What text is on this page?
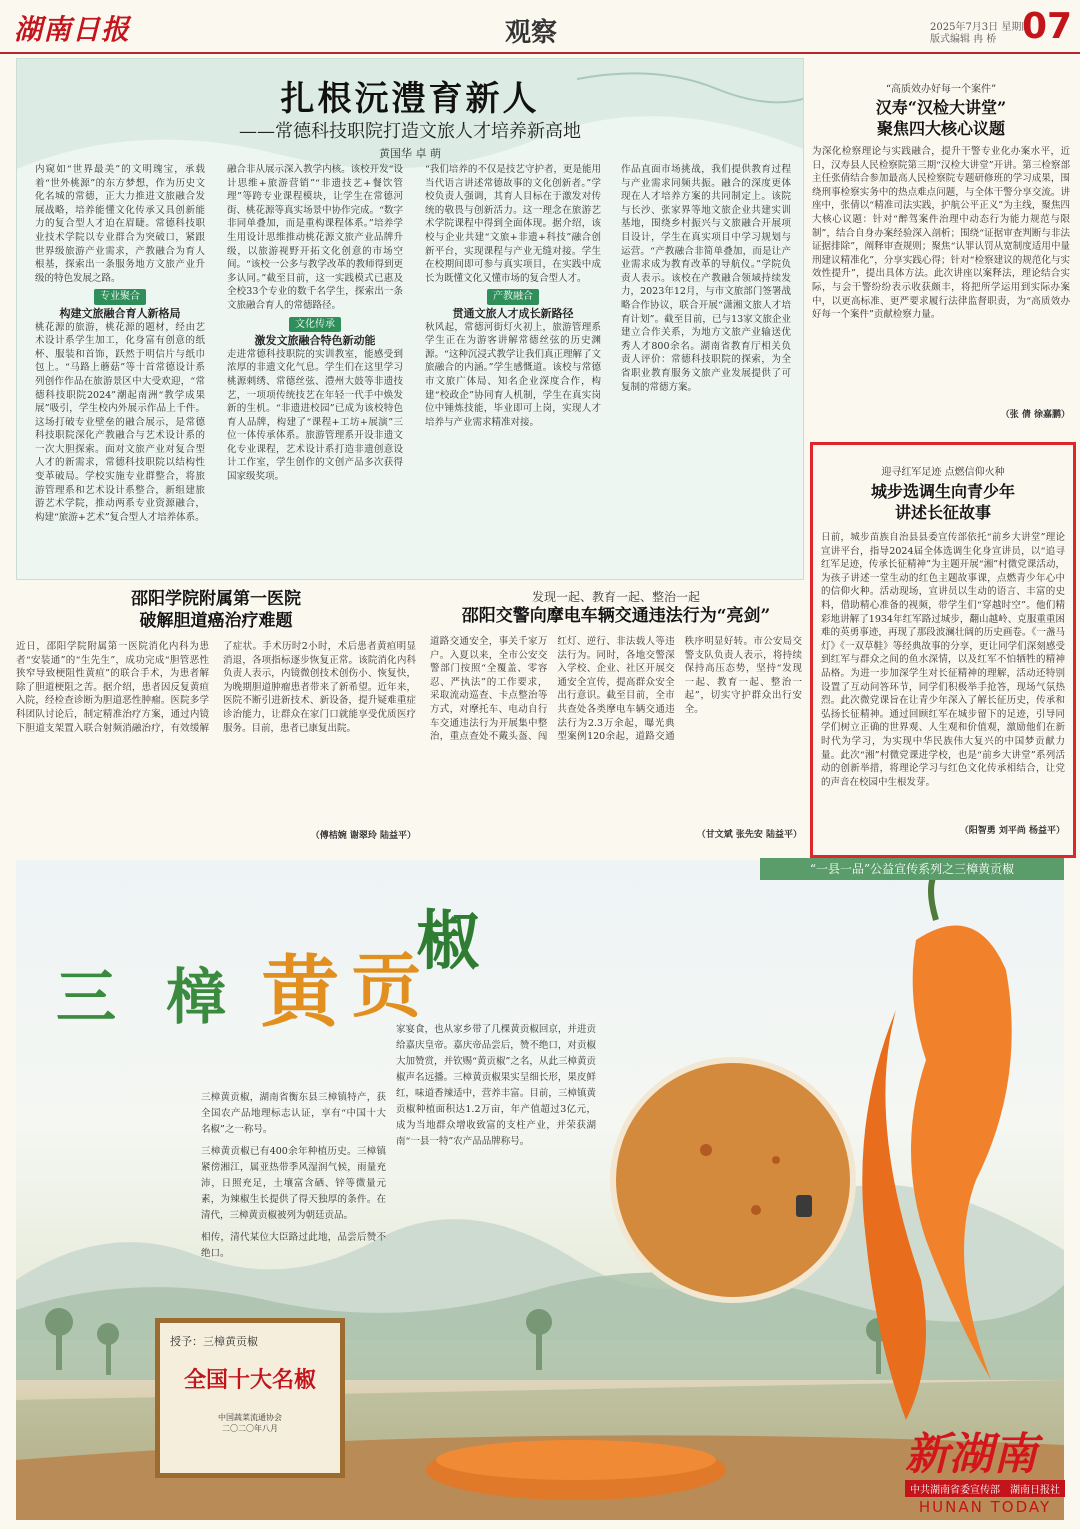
湖南日报	观察	2025年7月3日 星期四
版式编辑 冉 桥 07
扎根沅澧育新人
——常德科技职院打造文旅人才培养新高地
黄国华 卓 萌
内窥如“世界最美”的文明瑰宝，承载着“世外桃源”的东方梦想，作为历史文化名城的常德，正大力推进文旅融合发展战略，培养能懂文化传承又具创新能力的复合型人才迫在眉睫。常德科技职业技术学院以专业群合为突破口，紧跟世界级旅游产业需求，产教融合为育人根基，探索出一条服务地方文旅产业升级的特色发展之路。
专业聚合
构建文旅融合育人新格局
桃花源的旅游，桃花源的题材，经由艺术设计系学生加工，化身富有创意的纸杯、服装和首饰，跃然于明信片与纸巾包上。“马路上蘑菇”等十首常德设计系列创作作品在旅游景区中大受欢迎，“常德科技职院2024”潮起南洲“教学成果展”吸引，学生校内外展示作品上千件。这场打破专业壁垒的融合展示，是常德科技职院深化产教融合与艺术设计系的一次大胆探索。面对文旅产业对复合型人才的新需求，常德科技职院以结构性变革破局。学校实施专业群整合，将旅游管理系和艺术设计系整合，新组建旅游艺术学院，推动两系专业资源融合，构建“旅游+艺术”复合型人才培养体系。
融合非从展示深入教学内核。该校开发“设计思维+旅游营销”“非遗技艺+餐饮管理”等跨专业课程模块，让学生在常德河街、桃花源等真实场景中协作完成。“数字非同单叠加，而是重构课程体系。”培养学生用设计思维推动桃花源文旅产业品牌升级，以旅游视野开拓文化创意的市场空间。“该校一公多与教学改革的教师得到更多认同。”截至目前，这一实践模式已惠及全校33个专业的数千名学生，探索出一条文旅融合育人的常德路径。
文化传承
激发文旅融合特色新动能
走进常德科技职院的实训教室，能感受到浓厚的非遗文化气息。学生们在这里学习桃源刺绣、常德丝弦、澧州大鼓等非遗技艺，一项项传统技艺在年轻一代手中焕发新的生机。“非遗进校园”已成为该校特色育人品牌，构建了“课程+工坊+展演”三位一体传承体系。旅游管理系开设非遗文化专业课程，艺术设计系打造非遗创意设计工作室，学生创作的文创产品多次获得国家级奖项。
“我们培养的不仅是技艺守护者，更是能用当代语言讲述常德故事的文化创新者。”学校负责人强调，其育人目标在于激发对传统的敬畏与创新活力。这一理念在旅游艺术学院课程中得到全面体现。据介绍，该校与企业共建“文旅+非遗+科技”融合创新平台，实现课程与产业无缝对接。学生在校期间即可参与真实项目，在实践中成长为既懂文化又懂市场的复合型人才。
产教融合
贯通文旅人才成长新路径
秋风起，常德河街灯火初上，旅游管理系学生正在为游客讲解常德丝弦的历史渊源。“这种沉浸式教学让我们真正理解了文旅融合的内涵。”学生感慨道。该校与常德市文旅广体局、知名企业深度合作，构建“校政企”协同育人机制，学生在真实岗位中锤炼技能，毕业即可上岗，实现人才培养与产业需求精准对接。
作品直面市场挑战，我们提供教育过程与产业需求同频共振。融合的深度更体现在人才培养方案的共同制定上。该院与长沙、张家界等地文旅企业共建实训基地，围绕乡村振兴与文旅融合开展项目设计，学生在真实项目中学习规划与运营。“产教融合非简单叠加，而是让产业需求成为教育改革的导航仪。”学院负责人表示。该校在产教融合领域持续发力，2023年12月，与市文旅部门签署战略合作协议，联合开展“潇湘文旅人才培育计划”。截至目前，已与13家文旅企业建立合作关系，为地方文旅产业输送优秀人才800余名。湖南省教育厅相关负责人评价：常德科技职院的探索，为全省职业教育服务文旅产业发展提供了可复制的常德方案。
“高质效办好每一个案件”
汉寿“汉检大讲堂”
聚焦四大核心议题
为深化检察理论与实践融合，提升干警专业化办案水平，近日，汉寿县人民检察院第三期“汉检大讲堂”开讲。第三检察部主任张倩结合参加最高人民检察院专题研修班的学习成果，围绕刑事检察实务中的热点难点问题，与全体干警分享交流。讲座中，张倩以“精准司法实践，护航公平正义”为主线，聚焦四大核心议题：针对“醉驾案件治理中动态行为能力规范与限制”，结合自身办案经验深入剖析；围绕“证据审查判断与非法证据排除”，阐释审查规则；聚焦“认罪认罚从宽制度适用中量刑建议精准化”，分享实践心得；针对“检察建议的规范化与实效性提升”，提出具体方法。此次讲座以案释法，理论结合实际，与会干警纷纷表示收获颇丰，将把所学运用到实际办案中，以更高标准、更严要求履行法律监督职责，为“高质效办好每一个案件”贡献检察力量。
（张 倩 徐嘉鹏）
迎寻红军足迹 点燃信仰火种
城步选调生向青少年
讲述长征故事
日前，城步苗族自治县县委宣传部依托“前乡大讲堂”理论宣讲平台，指导2024届全体选调生化身宣讲员，以“追寻红军足迹，传承长征精神”为主题开展“湘”村微党课活动，为孩子讲述一堂生动的红色主题故事课，点燃青少年心中的信仰火种。活动现场，宣讲员以生动的语言、丰富的史料，借助精心准备的视频，带学生们“穿越时空”。他们精彩地讲解了1934年红军路过城步，翻山越岭、克服重重困难的英勇事迹，再现了那段波澜壮阔的历史画卷。《一盏马灯》《一双草鞋》等经典故事的分享，更让同学们深刻感受到红军与群众之间的鱼水深情，以及红军不怕牺牲的精神品格。为进一步加深学生对长征精神的理解，活动还特别设置了互动问答环节，同学们积极举手抢答，现场气氛热烈。此次微党课旨在让青少年深入了解长征历史，传承和弘扬长征精神。通过回顾红军在城步留下的足迹，引导同学们树立正确的世界观、人生观和价值观，激励他们在新时代为学习，为实现中华民族伟大复兴的中国梦贡献力量。此次“湘”村微党课进学校，也是“前乡大讲堂”系列活动的创新举措，将理论学习与红色文化传承相结合，让党的声音在校园中生根发芽。
（阳智勇 刘平尚 杨益平）
邵阳学院附属第一医院
破解胆道癌治疗难题
近日，邵阳学院附属第一医院消化内科为患者“安装通”的“生先生”，成功完成“胆管恶性狭窄导致梗阻性黄疸”的联合手术，为患者解除了胆道梗阻之苦。据介绍，患者因反复黄疸入院，经检查诊断为胆道恶性肿瘤。医院多学科团队讨论后，制定精准治疗方案，通过内镜下胆道支架置入联合射频消融治疗，有效缓解了症状。手术历时2小时，术后患者黄疸明显消退，各项指标逐步恢复正常。该院消化内科负责人表示，内镜微创技术创伤小、恢复快，为晚期胆道肿瘤患者带来了新希望。近年来，医院不断引进新技术、新设备，提升疑难重症诊治能力，让群众在家门口就能享受优质医疗服务。目前，患者已康复出院。
（傅桔婉 谢翠玲 陆益平）
发现一起、教育一起、整治一起
邵阳交警向摩电车辆交通违法行为“亮剑”
道路交通安全，事关千家万户。入夏以来，全市公安交警部门按照“全覆盖、零容忍、严执法”的工作要求，采取流动巡查、卡点整治等方式，对摩托车、电动自行车交通违法行为开展集中整治，重点查处不戴头盔、闯红灯、逆行、非法载人等违法行为。同时，各地交警深入学校、企业、社区开展交通安全宣传，提高群众安全出行意识。截至目前，全市共查处各类摩电车辆交通违法行为2.3万余起，曝光典型案例120余起，道路交通秩序明显好转。市公安局交警支队负责人表示，将持续保持高压态势，坚持“发现一起、教育一起、整治一起”，切实守护群众出行安全。
（甘文斌 张先安 陆益平）
三 樟 黄 贡
椒
三樟黄贡椒，湖南省衡东县三樟镇特产，获全国农产品地理标志认证，享有“中国十大名椒”之一称号。
三樟黄贡椒已有400余年种植历史。三樟镇紧傍湘江，属亚热带季风湿润气候，雨量充沛，日照充足，土壤富含硒、锌等微量元素，为辣椒生长提供了得天独厚的条件。在清代，三樟黄贡椒被列为朝廷贡品。
相传，清代某位大臣路过此地，品尝后赞不绝口。
家宴食，也从家乡带了几棵黄贡椒回京，并进贡给嘉庆皇帝。嘉庆帝品尝后，赞不绝口，对贡椒大加赞赏，并钦赐“黄贡椒”之名，从此三樟黄贡椒声名远播。三樟黄贡椒果实呈细长形，果皮鲜红，味道香辣适中，营养丰富。目前，三樟镇黄贡椒种植面积达1.2万亩，年产值超过3亿元，成为当地群众增收致富的支柱产业，并荣获湖南“一县一特”农产品品牌称号。
“一县一品”公益宣传系列之三樟黄贡椒
授予：三樟黄贡椒
全国十大名椒
中国蔬菜流通协会
二〇二〇年八月
新湖南
中共湖南省委宣传部　湖南日报社
HUNAN TODAY
